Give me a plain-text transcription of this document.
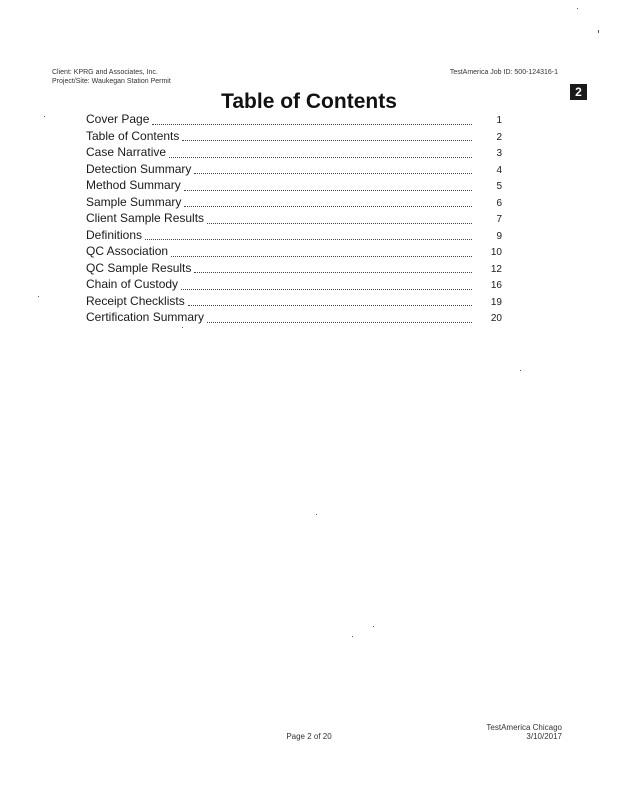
Client: KPRG and Associates, Inc.
Project/Site: Waukegan Station Permit
TestAmerica Job ID: 500-124316-1
2
Table of Contents
Cover Page	1
Table of Contents	2
Case Narrative	3
Detection Summary	4
Method Summary	5
Sample Summary	6
Client Sample Results	7
Definitions	9
QC Association	10
QC Sample Results	12
Chain of Custody	16
Receipt Checklists	19
Certification Summary	20
Page 2 of 20
TestAmerica Chicago
3/10/2017
